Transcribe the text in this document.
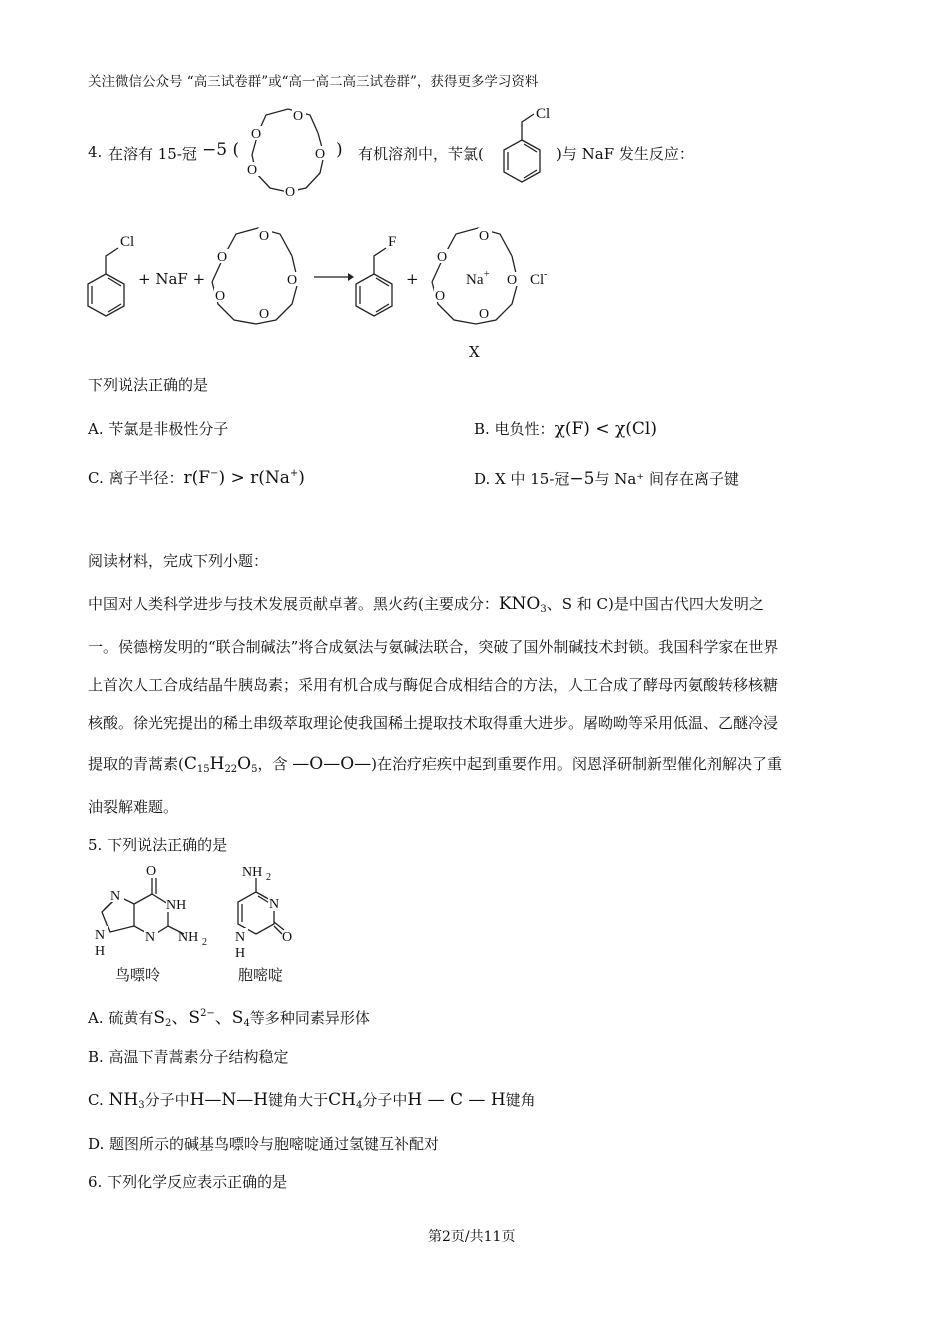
关注微信公众号 “高三试卷群”或“高一高二高三试卷群”，获得更多学习资料
4. 在溶有 15-冠 −5 (	) 有机溶剂中，苄氯(	)与 NaF 发生反应：
O
O
O
O
O
Cl
Cl
+ NaF +
O
O
O
O
O
F
+
O
O
O
O
O
Na +	Cl -
X
下列说法正确的是
A. 苄氯是非极性分子	B. 电负性：χ(F) < χ(Cl)
C. 离子半径：r(F−) > r(Na+)	D. X 中 15-冠−5与 Na⁺ 间存在离子键
阅读材料，完成下列小题：
中国对人类科学进步与技术发展贡献卓著。黑火药(主要成分：$KNO_3$、S 和 C)是中国古代四大发明之
一。侯德榜发明的“联合制碱法”将合成氨法与氨碱法联合，突破了国外制碱技术封锁。我国科学家在世界
上首次人工合成结晶牛胰岛素；采用有机合成与酶促合成相结合的方法，人工合成了酵母丙氨酸转移核糖
核酸。徐光宪提出的稀土串级萃取理论使我国稀土提取技术取得重大进步。屠呦呦等采用低温、乙醚冷浸
提取的青蒿素($C_{15}H_{22}O_5$，含 —O—O—)在治疗疟疾中起到重要作用。闵恩泽研制新型催化剂解决了重
油裂解难题。
5. 下列说法正确的是
N
O
NH
N
N
H
NH 2
鸟嘌呤
NH 2
N
N
H
O
胞嘧啶
A. 硫黄有$S_2$、$S^{2-}$、$S_4$等多种同素异形体
B. 高温下青蒿素分子结构稳定
C. $NH_3$分子中H—N—H键角大于$CH_4$分子中H — C — H键角
D. 题图所示的碱基鸟嘌呤与胞嘧啶通过氢键互补配对
6. 下列化学反应表示正确的是
第2页/共11页
